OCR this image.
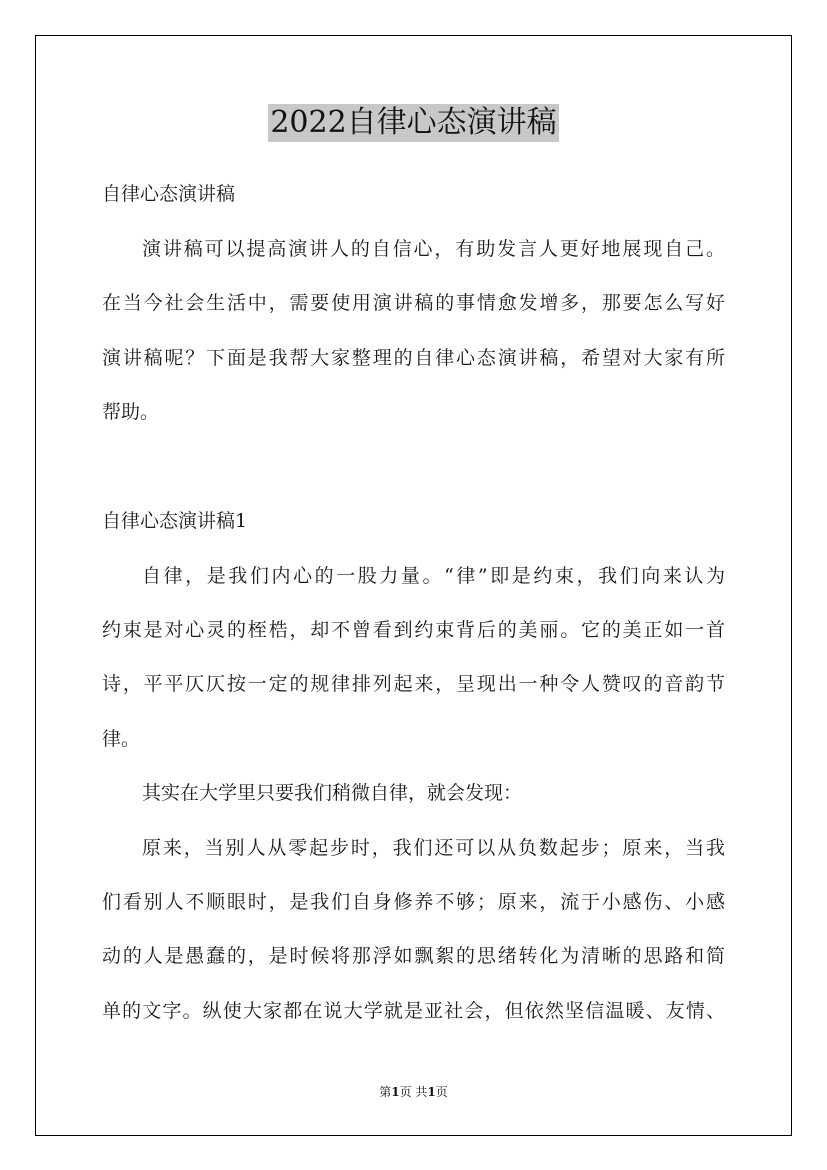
2022自律心态演讲稿
自律心态演讲稿
演讲稿可以提高演讲人的自信心，有助发言人更好地展现自己。
在当今社会生活中，需要使用演讲稿的事情愈发增多，那要怎么写好
演讲稿呢？下面是我帮大家整理的自律心态演讲稿，希望对大家有所
帮助。
自律心态演讲稿1
自律，是我们内心的一股力量。“律”即是约束，我们向来认为
约束是对心灵的桎梏，却不曾看到约束背后的美丽。它的美正如一首
诗，平平仄仄按一定的规律排列起来，呈现出一种令人赞叹的音韵节
律。
其实在大学里只要我们稍微自律，就会发现：
原来，当别人从零起步时，我们还可以从负数起步；原来，当我
们看别人不顺眼时，是我们自身修养不够；原来，流于小感伤、小感
动的人是愚蠢的，是时候将那浮如飘絮的思绪转化为清晰的思路和简
单的文字。纵使大家都在说大学就是亚社会，但依然坚信温暖、友情、
第1页 共1页
